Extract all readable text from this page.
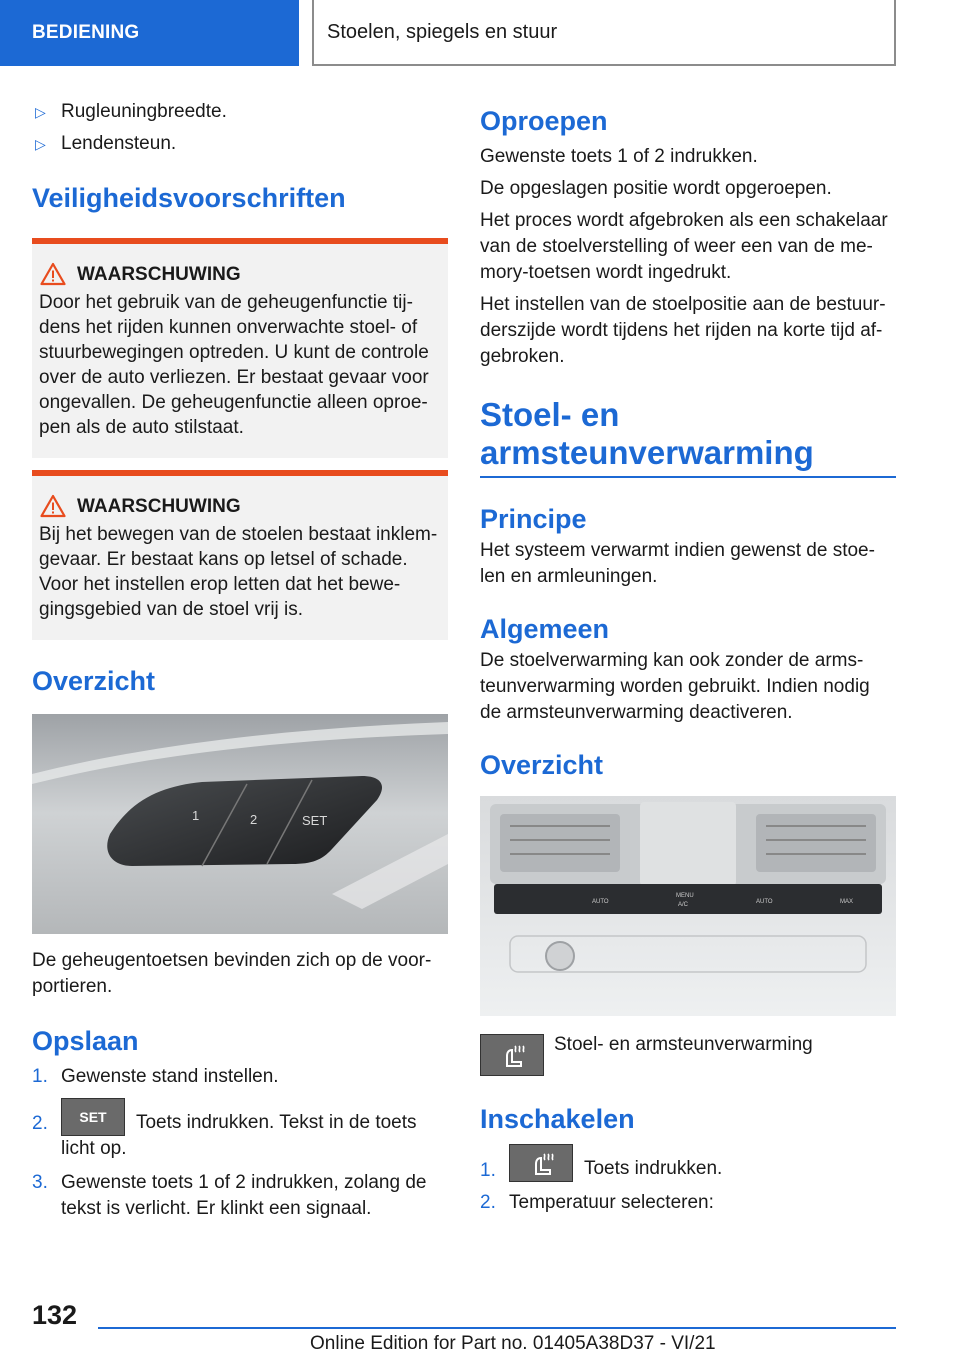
BEDIENING	Stoelen, spiegels en stuur
▷ Rugleuningbreedte.
▷ Lendensteun.
Veiligheidsvoorschriften
WAARSCHUWING
Door het gebruik van de geheugenfunctie tij-dens het rijden kunnen onverwachte stoel- of stuurbewegingen optreden. U kunt de controle over de auto verliezen. Er bestaat gevaar voor ongevallen. De geheugenfunctie alleen oproe-pen als de auto stilstaat.
WAARSCHUWING
Bij het bewegen van de stoelen bestaat inklem-gevaar. Er bestaat kans op letsel of schade. Voor het instellen erop letten dat het bewe-gingsgebied van de stoel vrij is.
Overzicht
1	2	SET
De geheugentoetsen bevinden zich op de voor-portieren.
Opslaan
1. Gewenste stand instellen.
2.	SET	Toets indrukken. Tekst in de toets licht op.
3. Gewenste toets 1 of 2 indrukken, zolang de tekst is verlicht. Er klinkt een signaal.
Oproepen
Gewenste toets 1 of 2 indrukken.
De opgeslagen positie wordt opgeroepen.
Het proces wordt afgebroken als een schakelaar van de stoelverstelling of weer een van de me-mory-toetsen wordt ingedrukt.
Het instellen van de stoelpositie aan de bestuur-derszijde wordt tijdens het rijden na korte tijd af-gebroken.
Stoel- en
armsteunverwarming
Principe
Het systeem verwarmt indien gewenst de stoe-len en armleuningen.
Algemeen
De stoelverwarming kan ook zonder de arms-teunverwarming worden gebruikt. Indien nodig de armsteunverwarming deactiveren.
Overzicht
AUTO
MENU
A/C	AUTO	MAX
Stoel- en armsteunverwarming
Inschakelen
1.	Toets indrukken.
2. Temperatuur selecteren:
132
Online Edition for Part no. 01405A38D37 - VI/21
